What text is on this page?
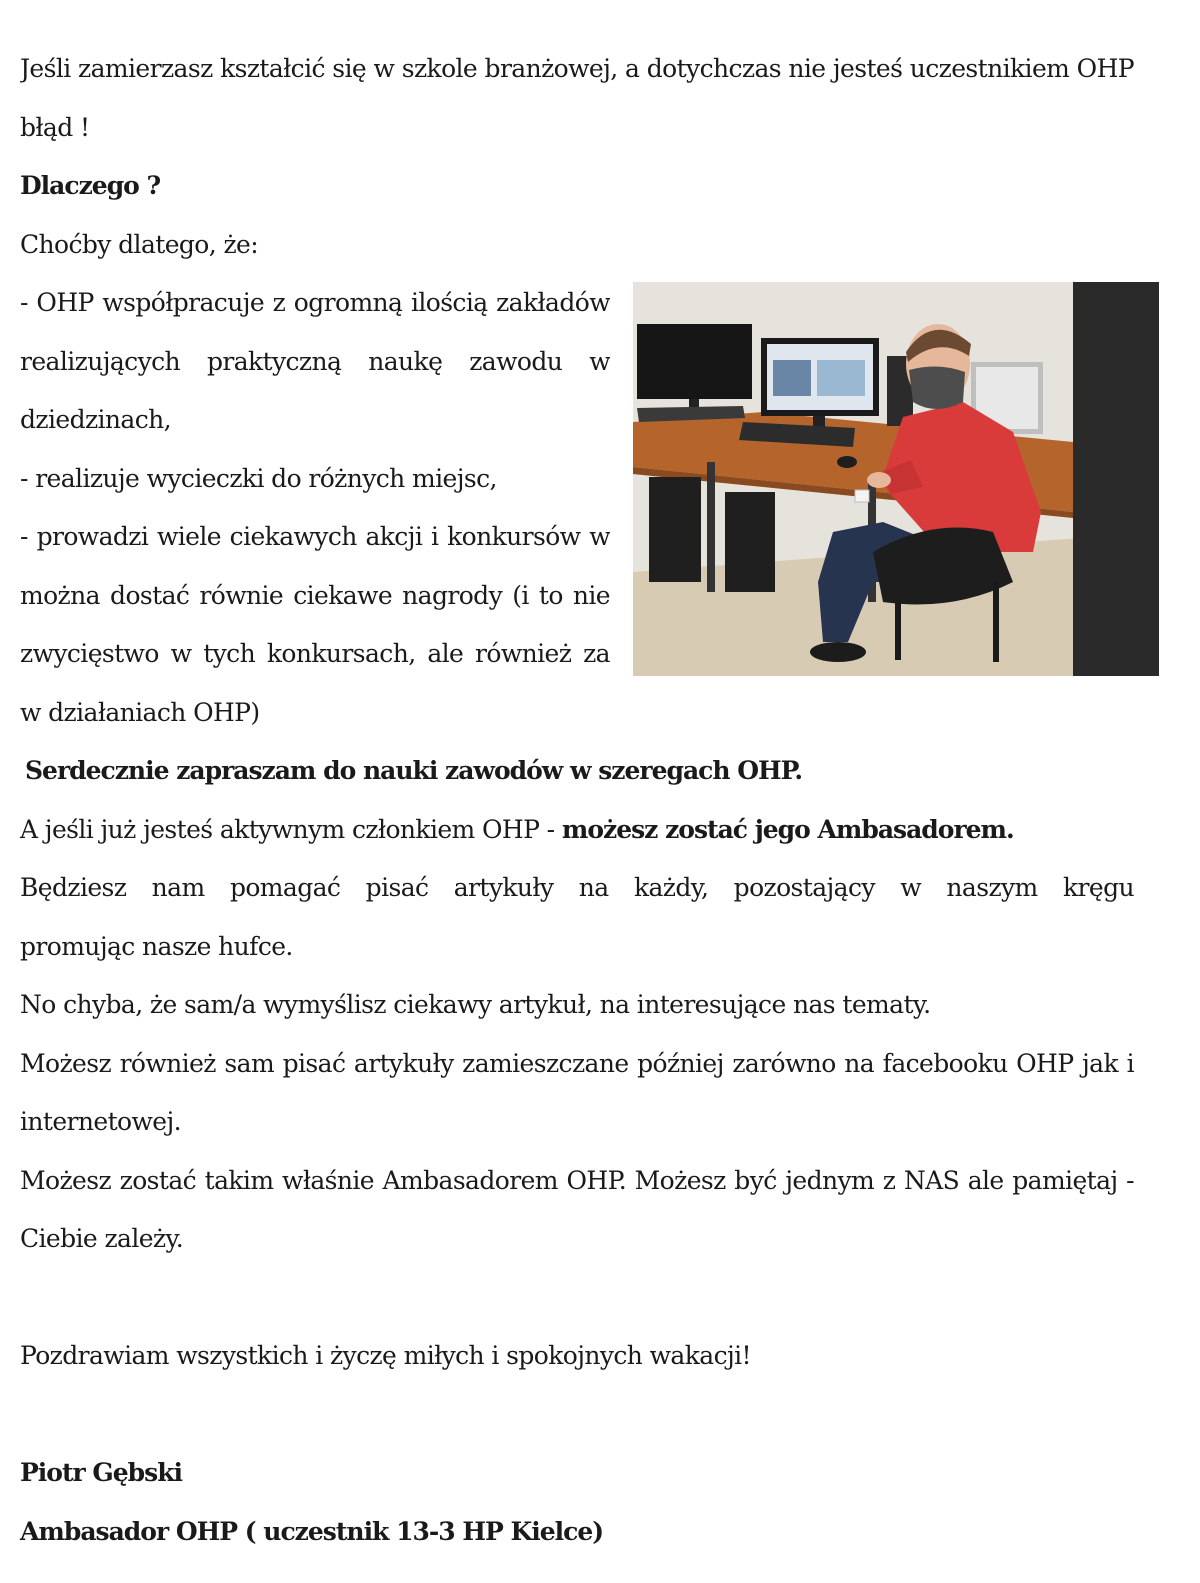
Jeśli zamierzasz kształcić się w szkole branżowej, a dotychczas nie jesteś uczestnikiem OHP
błąd !
Dlaczego ?
Choćby dlatego, że:
- OHP współpracuje z ogromną ilością zakładów
realizujących praktyczną naukę zawodu w
dziedzinach,
- realizuje wycieczki do różnych miejsc,
- prowadzi wiele ciekawych akcji i konkursów w
można dostać równie ciekawe nagrody (i to nie
zwycięstwo w tych konkursach, ale również za
w działaniach OHP)
Serdecznie zapraszam do nauki zawodów w szeregach OHP.
A jeśli już jesteś aktywnym członkiem OHP - możesz zostać jego Ambasadorem.
Będziesz nam pomagać pisać artykuły na każdy, pozostający w naszym kręgu
promując nasze hufce.
No chyba, że sam/a wymyślisz ciekawy artykuł, na interesujące nas tematy.
Możesz również sam pisać artykuły zamieszczane później zarówno na facebooku OHP jak i
internetowej.
Możesz zostać takim właśnie Ambasadorem OHP. Możesz być jednym z NAS ale pamiętaj -
Ciebie zależy.
Pozdrawiam wszystkich i życzę miłych i spokojnych wakacji!
Piotr Gębski
Ambasador OHP ( uczestnik 13-3 HP Kielce)
